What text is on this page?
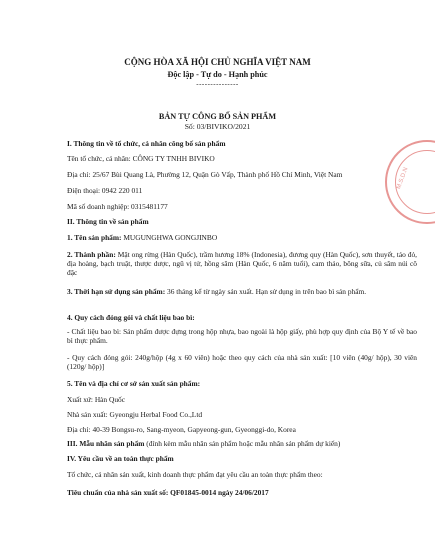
CỘNG HÒA XÃ HỘI CHỦ NGHĨA VIỆT NAM
Độc lập - Tự do - Hạnh phúc
---------------
BẢN TỰ CÔNG BỐ SẢN PHẨM
Số: 03/BIVIKO/2021
I. Thông tin về tổ chức, cá nhân công bố sản phẩm
Tên tổ chức, cá nhân: CÔNG TY TNHH BIVIKO
Địa chỉ: 25/67 Bùi Quang Là, Phường 12, Quận Gò Vấp, Thành phố Hồ Chí Minh, Việt Nam
Điện thoại: 0942 220 011
Mã số doanh nghiệp: 0315481177
II. Thông tin về sản phẩm
1. Tên sản phẩm: MUGUNGHWA GONGJINBO
2. Thành phần: Mật ong rừng (Hàn Quốc), trầm hương 18% (Indonesia), đương quy (Hàn Quốc), sơn thuyết, táo đỏ, địa hoàng, bạch truật, thược dược, ngũ vị tử, hồng sâm (Hàn Quốc, 6 năm tuổi), cam thảo, bông sữa, củ sâm núi cô đặc
3. Thời hạn sử dụng sản phẩm: 36 tháng kể từ ngày sản xuất. Hạn sử dụng in trên bao bì sản phẩm.
4. Quy cách đóng gói và chất liệu bao bì:
- Chất liệu bao bì: Sản phẩm được đựng trong hộp nhựa, bao ngoài là hộp giấy, phù hợp quy định của Bộ Y tế về bao bì thực phẩm.
- Quy cách đóng gói: 240g/hộp (4g x 60 viên) hoặc theo quy cách của nhà sản xuất: [10 viên (40g/ hộp), 30 viên (120g/ hộp)]
5. Tên và địa chỉ cơ sở sản xuất sản phẩm:
Xuất xứ: Hàn Quốc
Nhà sản xuất: Gyeongju Herbal Food Co.,Ltd
Địa chỉ: 40-39 Bongsu-ro, Sang-myeon, Gapyeong-gun, Gyeonggi-do, Korea
III. Mẫu nhãn sản phẩm (đính kèm mẫu nhãn sản phẩm hoặc mẫu nhãn sản phẩm dự kiến)
IV. Yêu cầu về an toàn thực phẩm
Tổ chức, cá nhân sản xuất, kinh doanh thực phẩm đạt yêu cầu an toàn thực phẩm theo:
Tiêu chuẩn của nhà sản xuất số: QF01845-0014 ngày 24/06/2017
M.S.D.N
